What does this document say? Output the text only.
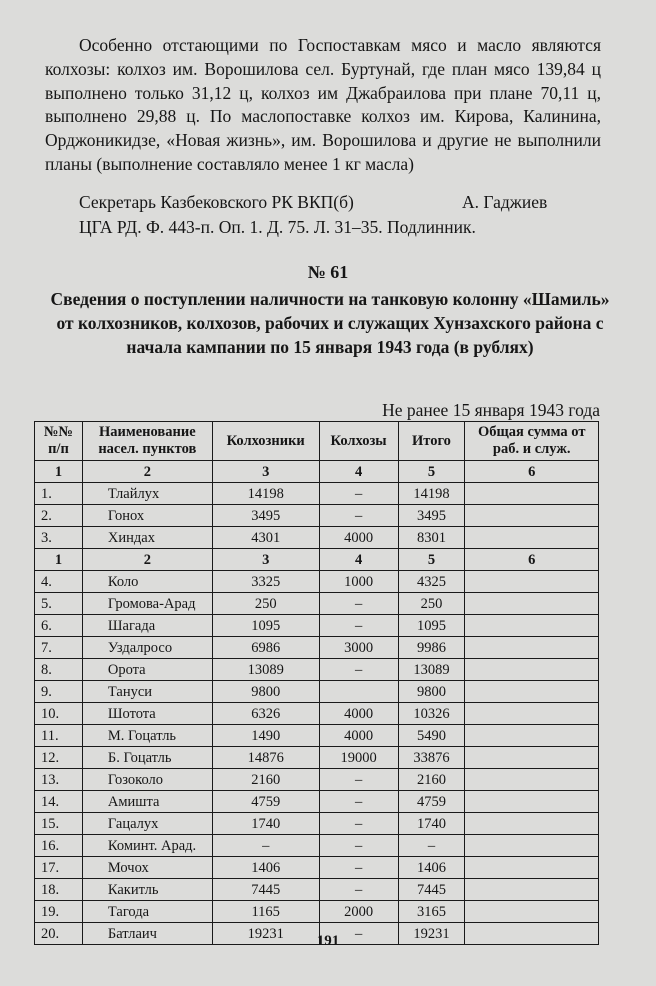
Особенно отстающими по Госпоставкам мясо и масло являются колхозы: колхоз им. Ворошилова сел. Буртунай, где план мясо 139,84 ц выполнено только 31,12 ц, колхоз им Джабраилова при плане 70,11 ц, выполнено 29,88 ц. По маслопоставке колхоз им. Кирова, Калинина, Орджоникидзе, «Новая жизнь», им. Ворошилова и другие не выполнили планы (выполнение составляло менее 1 кг масла)

Секретарь Казбековского РК ВКП(б)	А. Гаджиев
ЦГА РД. Ф. 443-п. Оп. 1. Д. 75. Л. 31–35. Подлинник.
№ 61

Сведения о поступлении наличности на танковую колонну «Шамиль» от колхозников, колхозов, рабочих и служащих Хунзахского района с начала кампании по 15 января 1943 года (в рублях)

Не ранее 15 января 1943 года
№№ п/п	Наименование насел. пунктов	Колхозники	Колхозы	Итого	Общая сумма от раб. и служ.
1	2	3	4	5	6
1.	Тлайлух	14198	–	14198	
2.	Гонох	3495	–	3495	
3.	Хиндах	4301	4000	8301	
1	2	3	4	5	6
4.	Коло	3325	1000	4325	
5.	Громова-Арад	250	–	250	
6.	Шагада	1095	–	1095	
7.	Уздалросо	6986	3000	9986	
8.	Орота	13089	–	13089	
9.	Тануси	9800		9800	
10.	Шотота	6326	4000	10326	
11.	М. Гоцатль	1490	4000	5490	
12.	Б. Гоцатль	14876	19000	33876	
13.	Гозоколо	2160	–	2160	
14.	Амишта	4759	–	4759	
15.	Гацалух	1740	–	1740	
16.	Коминт. Арад.	–	–	–	
17.	Мочох	1406	–	1406	
18.	Какитль	7445	–	7445	
19.	Тагода	1165	2000	3165	
20.	Батлаич	19231	–	19231	
191
